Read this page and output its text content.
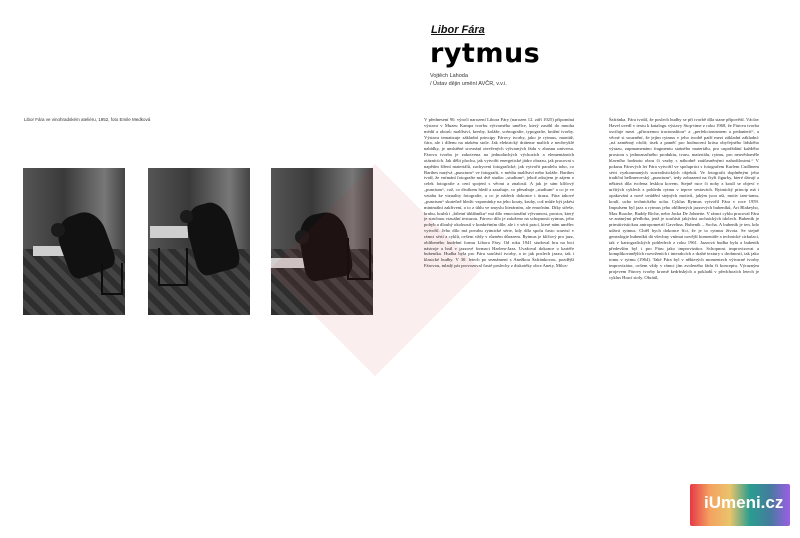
Libor Fára ve vinohradském ateliéru, 1952, foto Emile Medková
Libor Fára
rytmus
Vojtěch Lahoda
/ Ústav dějin umění AVČR, v.v.i.

V přednesení 90. výročí narození Libora Fáry (narozen 12. září 1925) připomíná výstava v Muzeu Kampa tvorbu výtvarného umělce, který zasáhl do mnoha médií a oborů: malířství, kresby, koláže, scénografie, typografie, knižní tvorby. Výstava tematizuje základní principy Fárovy tvorby, jako je rytmus, montáž, čára, ale i dílenu na nízkém stole. Jak elektrický dráteme malích z neobvyklé nabídky, je umístěné srovnání otevřených výtvarných řádu v zhusnu universa. Fárova tvorba je zakotvena na jednoduchých výchozích a elementárních otáznících. Jak dělit plochu, jak vytvořit energetické jádro obrazu, jak pracovat s napětím šíření materiálů, zachycení fotografické, jak vytvořit paralelu toho, co Barthes nazývá „punctum“ ve fotografii, v médiu malířství nebo koláže. Barthes tvrdí, že vnímání fotografie má dvě studia: „studium“, jehož zdrojem je zájem o celek fotografie a cení spojení s věcmi a znalostí. A jak je sám klíčový „punctum“, což, co divákem hledí a zasahuje, co přesahuje „studium“ a co je ve vztahu ke vizuality fotografie, a co je nádech dokonce i úrazu. Fára takové „punctum“ skutečně hledá: vzpomínky na jeho kouty, kruhy, což může být jakési minimální zakřivení, a to z úhlu ve smyslu literárním, ale emočním. Díky střeše, kruhu, kruhů i „biletní úhlábníku“ má dílo emocionální výtvarnost, prostor, který je stručnou vizuální texturou. Fárovo dílo je založeno na schopnosti rytmus, jeho pohyb a dlouhý okolností v konkrétním díle, ale i v sérii prací, které nám umělec vytvořil. Jeho dílo má povahu rytmické série, kdy díla spolu často souvisí v rámci sérií a cyklů, ovšem vždy v různém důrazem. Rytmus je klíčový pro jazz, oblíbeného hudební formu Libora Fáry. Od roku 1941 studoval hru na bicí nástroje a hrál v jazzové formaci Harlem-Jazz. Uvažoval dokonce o kariéře bubeníka. Hudba byla pro Fáru součástí tvorby, a to jak poslech jazzu, tak i klasické hudby. V 30. letech po seznámení s Anežkou Šafránkovou, pozdější Fárovou, mladý pár provozoval časté poslechy z diskotéky obce Anety, Milos-

Šafránka. Fára tvrdil, že poslech hudby se při tvorbě díla stane přípovědí. Václav Havel uvedl v textu k katalogu výstavy Stop-time z roku 1968, že Fárova tvorba osciluje mezi „přirozenou iracionalitou“ a „perfekcionismem a pedanterií“, a věcné si souznění, že jejím rytmus v jeho tvorbě patří mezi základní základní: „ná zaměnný ofolií; úsek a paměť pro hodnocení krásu obyčejného lidského výrazu, zupmamenáno fragmentu statného materiálu, pro uspořádání každého prostoru s jednoznačného produktu, tvaru, materiálu, rytmu, pro neuvědoměle hlavního hodnotu obou či vazby s náhodně zaúčasněnými nahodilostmi.“ V pokusu Fárových let Fára vytvořil ve spolupráci s fotografem Karlem Cudlínem sérii vyzkoumaných surrealistických objektů. Ve fotografii doplněným jeho tradiční bellmerovský „punctum“, tedy zobrazení na čtyři figurky, které dávají a některá díla tvořena lesklou kovem. Stejně ruce či nohy z koulí se objeví v určitých cyklech z pohledu rytmu v teprve sestavách. Rytmický princip má i opakování a nové uvádění stejných motivů, jakým jsou uši, motiv tam-tamu, koulí, ucho technického ucha. Cyklus Rytmus vytvořil Fára v roce 1959. Impulsem byl jazz a rytmus jeho oblíbených jazzových bubeníků, Art Blakeyho, Max Roache, Buddy Riche, nebo Jacka De Johnette. V rámci cyklu pracoval Fára se známými předloha, jenž je součástí jakýchsi archaických idolech. Bubeník je primitivistickou antropometrií Gavelina. Bubeník – Socha. A bubeník je ten, kdo udává rytmus. Chtěl bych dokonce říci, že je to rytmus života. Se stejně genealogie bubeníků dá všechny vnímat novější komentáře a technické cirkulaci, tak v kartografických pohledech z roku 1961. Jazzová hudba byla a bubeník především byl i pro Fáru jako improvizátor. Schopnost improvizovat a komplikovanějších rozvrženích i interakcích z drahé textury s drobností, tak jako tomu v rytmu (1964). Také Fára byl v některých momentech výtvarné tvorby improvizátor, ovšem vždy v rámci jím zvoleného řádu či konceptu. Výrazným projevem Fárovy tvorby kromě kedrbských a pokladů v předchozích letech je cyklus Hrací stoly. Obrátil,

iUmeni.cz
